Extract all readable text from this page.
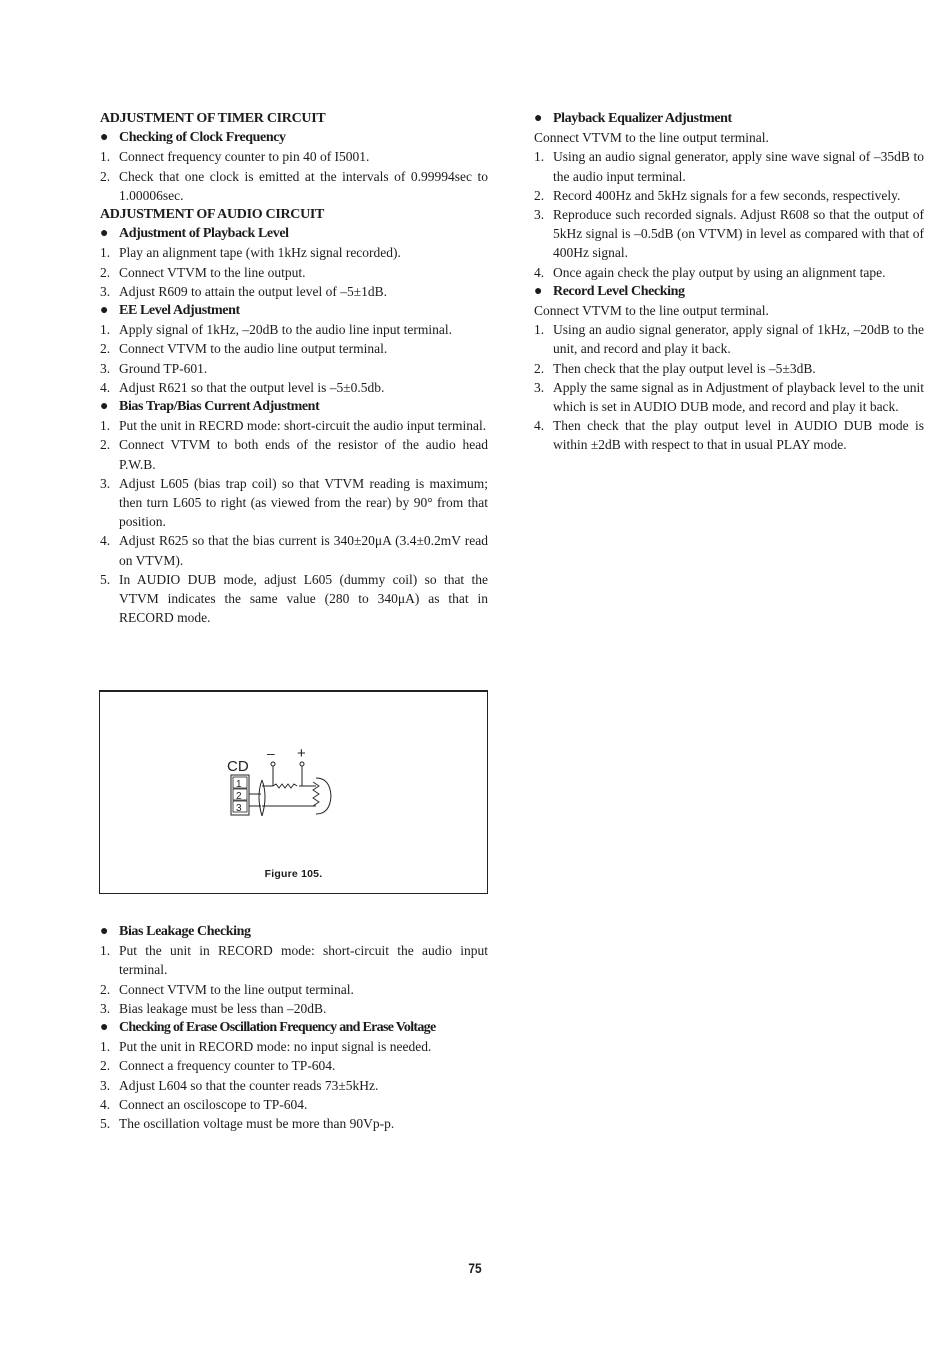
ADJUSTMENT OF TIMER CIRCUIT
● Checking of Clock Frequency
1. Connect frequency counter to pin 40 of I5001.
2. Check that one clock is emitted at the intervals of 0.99994sec to 1.00006sec.
ADJUSTMENT OF AUDIO CIRCUIT
● Adjustment of Playback Level
1. Play an alignment tape (with 1kHz signal recorded).
2. Connect VTVM to the line output.
3. Adjust R609 to attain the output level of –5±1dB.
● EE Level Adjustment
1. Apply signal of 1kHz, –20dB to the audio line input terminal.
2. Connect VTVM to the audio line output terminal.
3. Ground TP-601.
4. Adjust R621 so that the output level is –5±0.5db.
● Bias Trap/Bias Current Adjustment
1. Put the unit in RECRD mode: short-circuit the audio input terminal.
2. Connect VTVM to both ends of the resistor of the audio head P.W.B.
3. Adjust L605 (bias trap coil) so that VTVM reading is maximum; then turn L605 to right (as viewed from the rear) by 90° from that position.
4. Adjust R625 so that the bias current is 340±20μA (3.4±0.2mV read on VTVM).
5. In AUDIO DUB mode, adjust L605 (dummy coil) so that the VTVM indicates the same value (280 to 340μA) as that in RECORD mode.
CD
– +
1
2
3
Figure 105.
● Bias Leakage Checking
1. Put the unit in RECORD mode: short-circuit the audio input terminal.
2. Connect VTVM to the line output terminal.
3. Bias leakage must be less than –20dB.
● Checking of Erase Oscillation Frequency and Erase Voltage
1. Put the unit in RECORD mode: no input signal is needed.
2. Connect a frequency counter to TP-604.
3. Adjust L604 so that the counter reads 73±5kHz.
4. Connect an osciloscope to TP-604.
5. The oscillation voltage must be more than 90Vp-p.
● Playback Equalizer Adjustment
Connect VTVM to the line output terminal.
1. Using an audio signal generator, apply sine wave signal of –35dB to the audio input terminal.
2. Record 400Hz and 5kHz signals for a few seconds, respectively.
3. Reproduce such recorded signals. Adjust R608 so that the output of 5kHz signal is –0.5dB (on VTVM) in level as compared with that of 400Hz signal.
4. Once again check the play output by using an alignment tape.
● Record Level Checking
Connect VTVM to the line output terminal.
1. Using an audio signal generator, apply signal of 1kHz, –20dB to the unit, and record and play it back.
2. Then check that the play output level is –5±3dB.
3. Apply the same signal as in Adjustment of playback level to the unit which is set in AUDIO DUB mode, and record and play it back.
4. Then check that the play output level in AUDIO DUB mode is within ±2dB with respect to that in usual PLAY mode.
75
